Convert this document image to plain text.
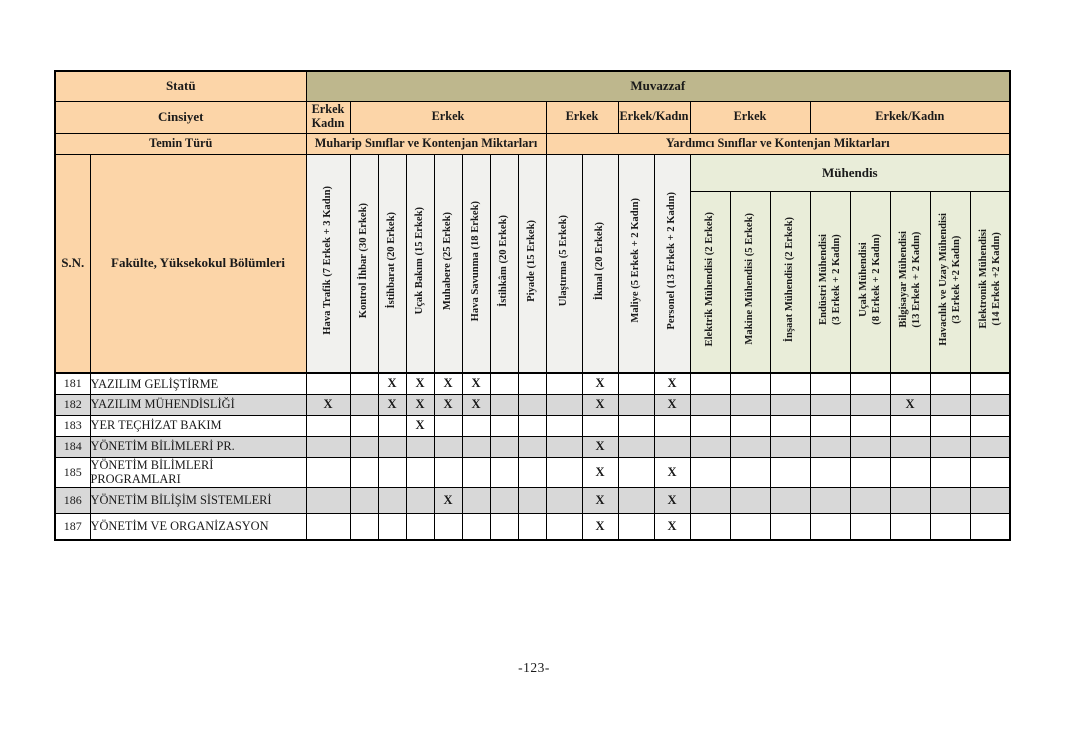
Statü		Muvazzaf																			
Cinsiyet		Erkek Kadın	Erkek							Erkek		Erkek/Kadın		Erkek			Erkek/Kadın				
Temin Türü		Muharip Sınıflar ve Kontenjan Miktarları								Yardımcı Sınıflar ve Kontenjan Miktarları											
S.N.	Fakülte, Yüksekokul Bölümleri	Hava Trafik (7 Erkek + 3 Kadın)	Kontrol İhbar (30 Erkek)	İstihbarat (20 Erkek)	Uçak Bakım (15 Erkek)	Muhabere (25 Erkek)	Hava Savunma (18 Erkek)	İstihkâm (20 Erkek)	Piyade (15 Erkek)	Ulaştırma (5 Erkek)	İkmal (20 Erkek)	Maliye (5 Erkek + 2 Kadın)	Personel (13 Erkek + 2 Kadın)	Mühendis							
														Elektrik Mühendisi (2 Erkek)	Makine Mühendisi (5 Erkek)	İnşaat Mühendisi (2 Erkek)	Endüstri Mühendisi (3 Erkek + 2 Kadın)	Uçak Mühendisi (8 Erkek + 2 Kadın)	Bilgisayar Mühendisi (13 Erkek + 2 Kadın)	Havacılık ve Uzay Mühendisi (3 Erkek +2 Kadın)	Elektronik Mühendisi (14 Erkek +2 Kadın)
181	YAZILIM GELİŞTİRME			X	X	X	X				X		X								
182	YAZILIM MÜHENDİSLİĞİ	X		X	X	X	X				X		X						X		
183	YER TEÇHİZAT BAKIM				X																
184	YÖNETİM BİLİMLERİ PR.										X										
185	YÖNETİM BİLİMLERİ PROGRAMLARI										X		X								
186	YÖNETİM BİLİŞİM SİSTEMLERİ					X					X		X								
187	YÖNETİM VE ORGANİZASYON										X		X								
-123-
